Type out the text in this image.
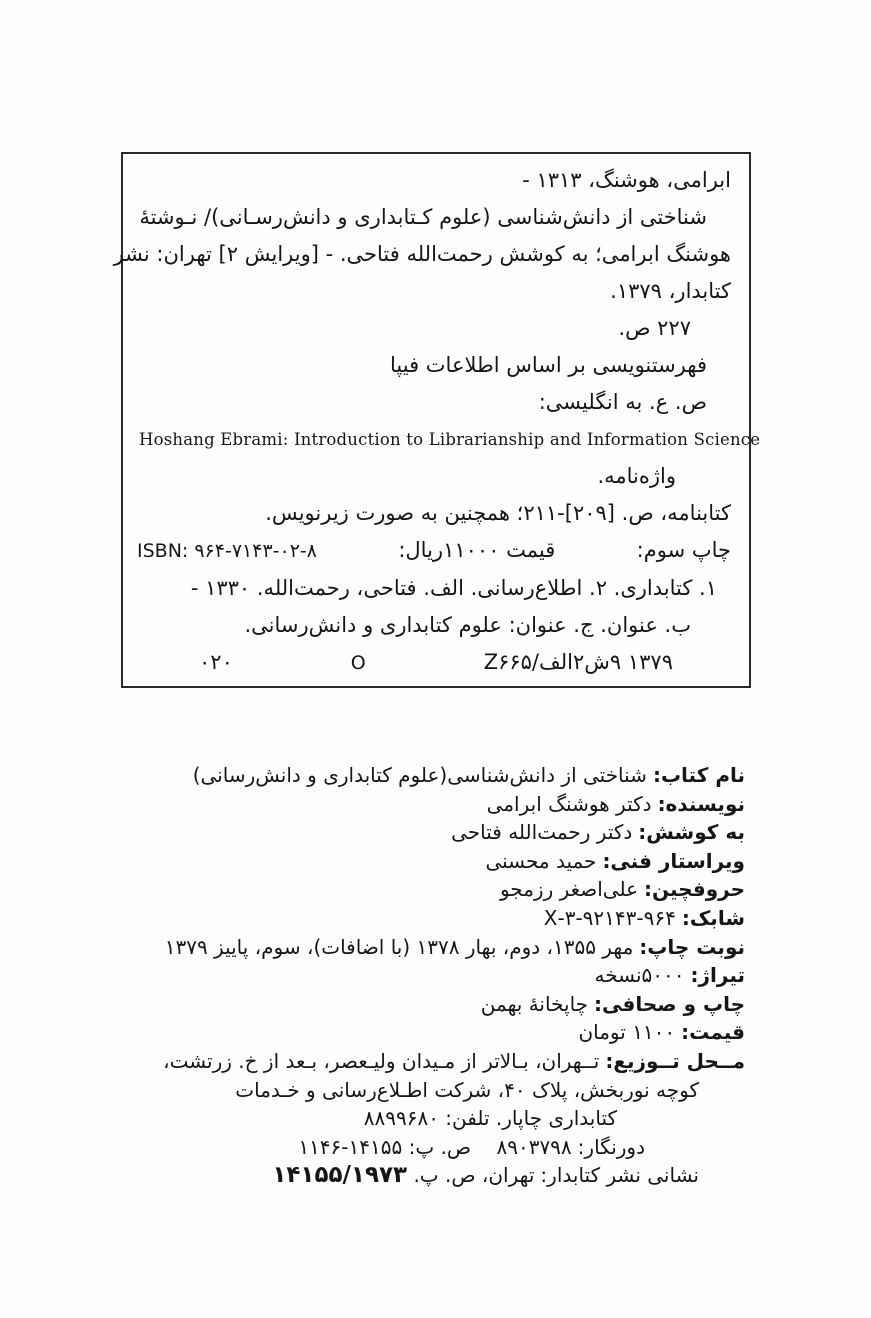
ابرامی، هوشنگ، ۱۳۱۳ -
شناختی از دانش‌شناسی (علوم کـتابداری و دانش‌رسـانی)/ نـوشتهٔ
هوشنگ ابرامی؛ به کوشش رحمت‌الله فتاحی. - [ویرایش ۲] تهران: نشر
کتابدار، ۱۳۷۹.
۲۲۷ ص.
فهرستنویسی بر اساس اطلاعات فیپا
ص. ع. به انگلیسی:
Hoshang Ebrami: Introduction to Librarianship and Information Science
واژه‌نامه.
کتابنامه، ص. [۲۰۹]-۲۱۱؛ همچنین به صورت زیرنویس.
چاپ سوم:
قیمت ۱۱۰۰۰ریال:
ISBN: ۹۶۴-۷۱۴۳-۰۲-۸
۱. کتابداری. ۲. اطلاع‌رسانی. الف. فتاحی، رحمت‌الله. ۱۳۳۰ -
ب. عنوان. ج. عنوان: علوم کتابداری و دانش‌رسانی.
Z۶۶۵/⁨الف⁩۲⁨ش⁩۹ ۱۳۷۹
O
۰۲۰
نام کتاب:شناختی از دانش‌شناسی(علوم کتابداری و دانش‌رسانی)
نویسنده:دکتر هوشنگ ابرامی
به کوشش:دکتر رحمت‌الله فتاحی
ویراستار فنی:حمید محسنی
حروفچین:علی‌اصغر رزمجو
شابک:۹۶۴-۹۲۱۴۳-۳-X
نوبت چاپ:مهر ۱۳۵۵، دوم، بهار ۱۳۷۸ (با اضافات)، سوم، پاییز ۱۳۷۹
تیراژ:۵۰۰۰نسخه
چاپ و صحافی:چاپخانهٔ بهمن
قیمت:۱۱۰۰ تومان
مــحل تــوزیع:تــهران، بـالاتر از مـیدان ولیـعصر، بـعد از خ. زرتشت،
کوچه نوربخش، پلاک ۴۰، شرکت اطـلاع‌رسانی و خـدمات
کتابداری چاپار. تلفن: ۸۸۹۹۶۸۰
دورنگار:۸۹۰۳۷۹۸    ص. پ: ۱۴۱۵۵-۱۱۴۶
نشانی نشر کتابدار:تهران، ص. پ. ۱۴۱۵۵/۱۹۷۳
